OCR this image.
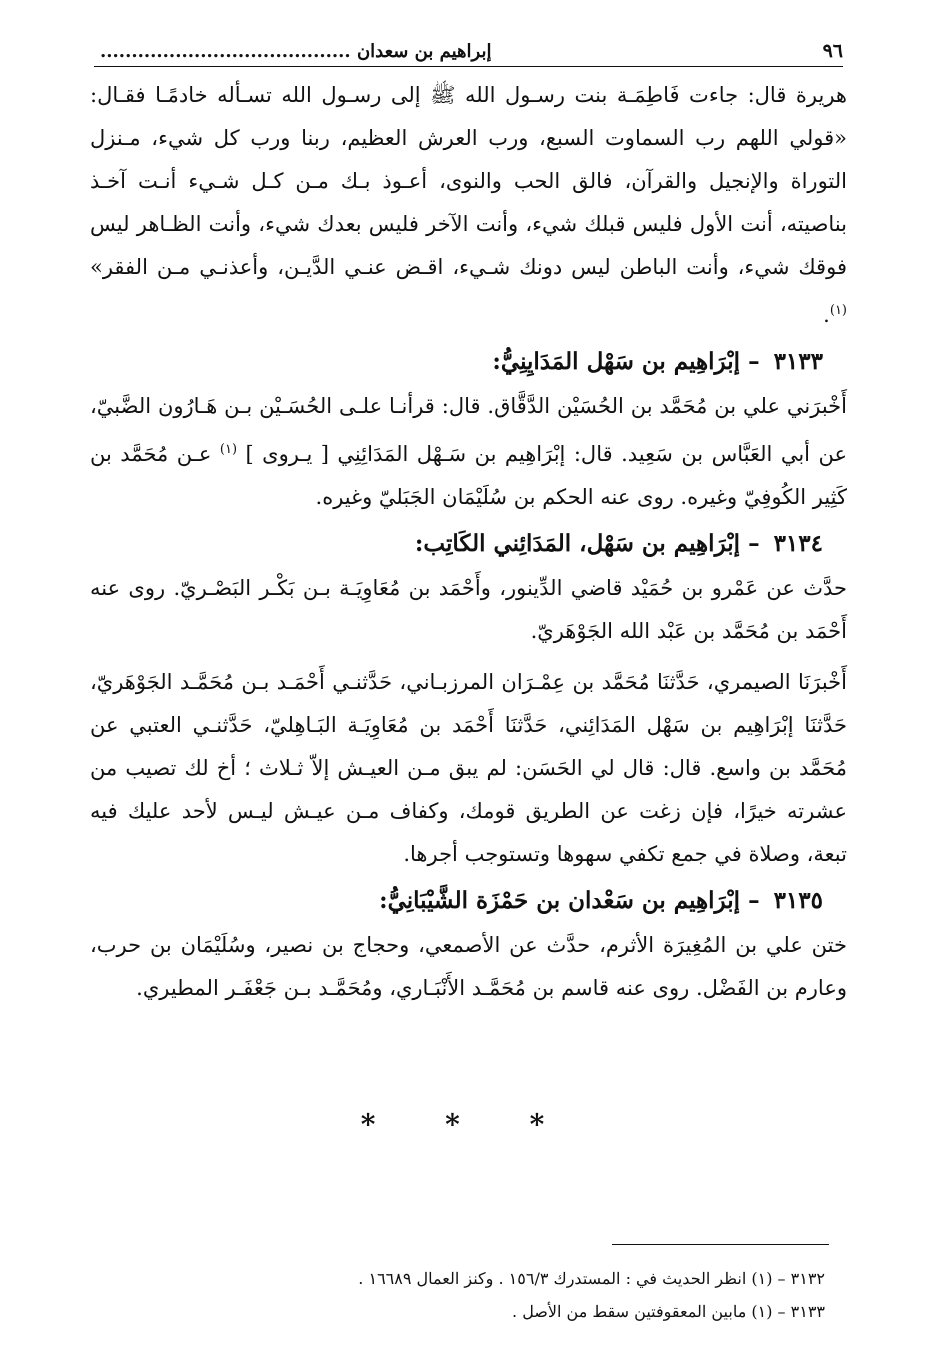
٩٦
إبراهيم بن سعدان ........................................

هريرة قال: جاءت فَاطِمَـة بنت رسـول الله ﷺ إلى رسـول الله تسـأله خادمًـا فقـال: «قولي اللهم رب السماوت السبع، ورب العرش العظيم، ربنا ورب كل شيء، مـنزل التوراة والإنجيل والقرآن، فالق الحب والنوى، أعـوذ بـك مـن كـل شـيء أنـت آخـذ بناصيته، أنت الأول فليس قبلك شيء، وأنت الآخر فليس بعدك شيء، وأنت الظـاهر ليس فوقك شيء، وأنت الباطن ليس دونك شـيء، اقـض عنـي الدَّيـن، وأعذنـي مـن الفقر» $^{(١)}$.

٣١٣٣ – إبْرَاهِيم بن سَهْل المَدَايِنِيُّ:

أَخْبرَني علي بن مُحَمَّد بن الحُسَيْن الدَّقَّاق. قال: قرأنـا علـى الحُسَـيْن بـن هَـارُون الضَّبيّ، عن أبي العَبَّاس بن سَعِيد. قال: إبْرَاهِيم بن سَـهْل المَدَائِنِي [ يـروى ] $^{(١)}$ عـن مُحَمَّد بن كَثِير الكُوفِيّ وغيره. روى عنه الحكم بن سُلَيْمَان الجَبَليّ وغيره.

٣١٣٤ – إبْرَاهِيم بن سَهْل، المَدَائِني الكَاتِب:

حدَّث عن عَمْرو بن حُمَيْد قاضي الدِّينور، وأَحْمَد بن مُعَاوِيَـة بـن بَكْـر البَصْـريّ. روى عنه أَحْمَد بن مُحَمَّد بن عَبْد الله الجَوْهَريّ.

أَخْبرَنَا الصيمري، حَدَّثنَا مُحَمَّد بن عِمْـرَان المرزبـاني، حَدَّثنـي أَحْمَـد بـن مُحَمَّـد الجَوْهَريّ، حَدَّثنَا إبْرَاهِيم بن سَهْل المَدَائِني، حَدَّثنَا أَحْمَد بن مُعَاوِيَـة البَـاهِليّ، حَدَّثنـي العتبي عن مُحَمَّد بن واسع. قال: قال لي الحَسَن: لم يبق مـن العيـش إلاّ ثـلاث ؛ أخ لك تصيب من عشرته خيرًا، فإن زغت عن الطريق قومك، وكفاف مـن عيـش ليـس لأحد عليك فيه تبعة، وصلاة في جمع تكفي سهوها وتستوجب أجرها.

٣١٣٥ – إبْرَاهِيم بن سَعْدان بن حَمْزَة الشَّيْبَانِيُّ:

ختن علي بن المُغِيرَة الأثرم، حدَّث عن الأصمعي، وحجاج بن نصير، وسُلَيْمَان بن حرب، وعارم بن الفَضْل. روى عنه قاسم بن مُحَمَّـد الأَنْبَـاري، ومُحَمَّـد بـن جَعْفَـر المطيري.

* * *

٣١٣٢ – (١) انظر الحديث في : المستدرك ١٥٦/٣ . وكنز العمال ١٦٦٨٩ .

٣١٣٣ – (١) مابين المعقوفتين سقط من الأصل .
